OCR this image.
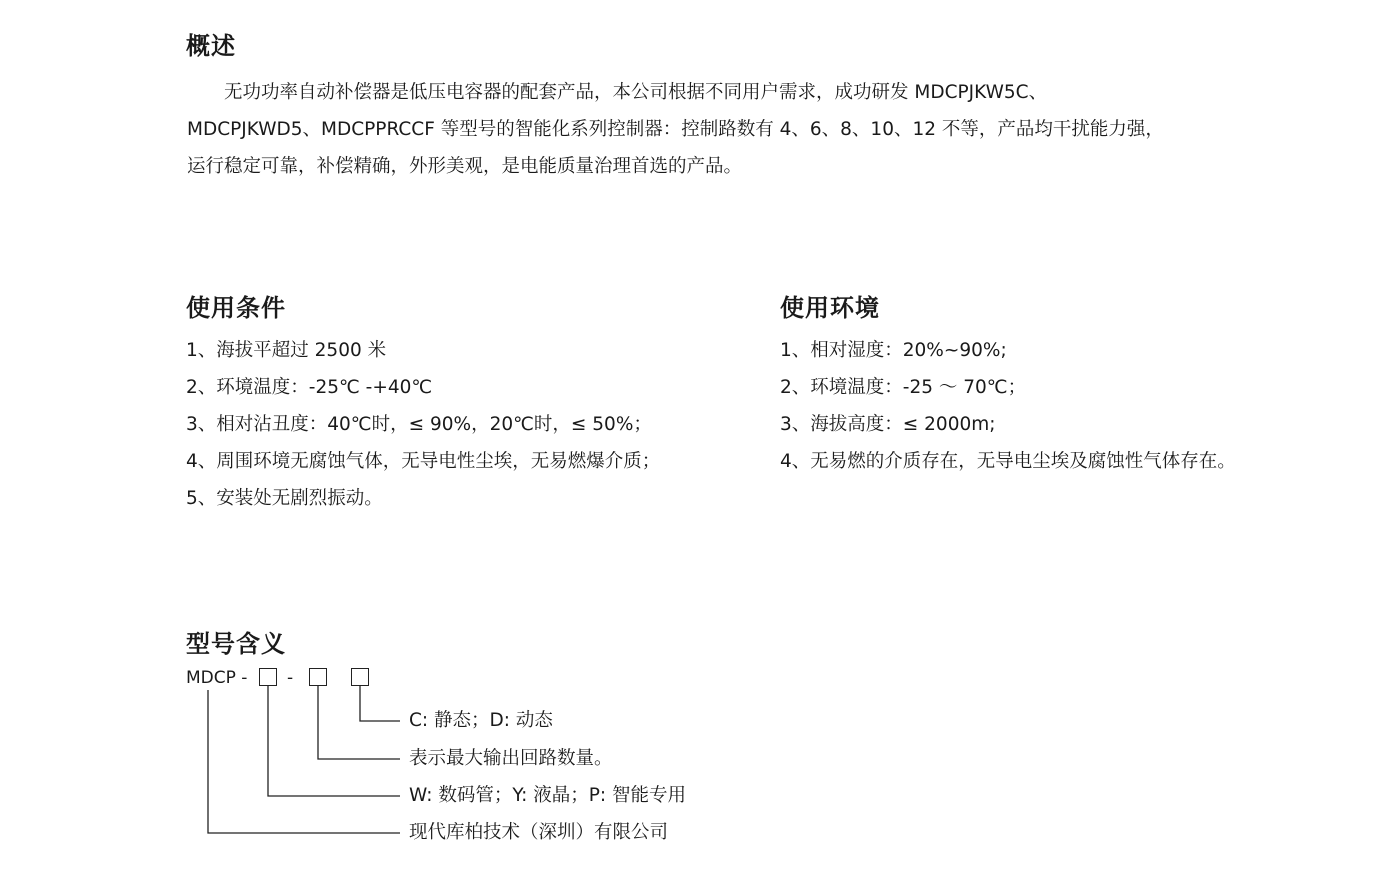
概述

　　无功功率自动补偿器是低压电容器的配套产品，本公司根据不同用户需求，成功研发 MDCPJKW5C、
MDCPJKWD5、MDCPPRCCF 等型号的智能化系列控制器：控制路数有 4、6、8、10、12 不等，产品均干扰能力强，
运行稳定可靠，补偿精确，外形美观，是电能质量治理首选的产品。

使用条件
1、海拔平超过 2500 米
2、环境温度：-25℃ -+40℃
3、相对沾丑度：40℃时，≤ 90%，20℃时，≤ 50%；
4、周围环境无腐蚀气体，无导电性尘埃，无易燃爆介质；
5、安装处无剧烈振动。
使用环境
1、相对湿度：20%~90%;
2、环境温度：-25 ～ 70℃；
3、海拔高度：≤ 2000m;
4、无易燃的介质存在，无导电尘埃及腐蚀性气体存在。
型号含义
MDCP - -
C: 静态；D: 动态
表示最大输出回路数量。
W: 数码管；Y: 液晶；P: 智能专用
现代库柏技术（深圳）有限公司
